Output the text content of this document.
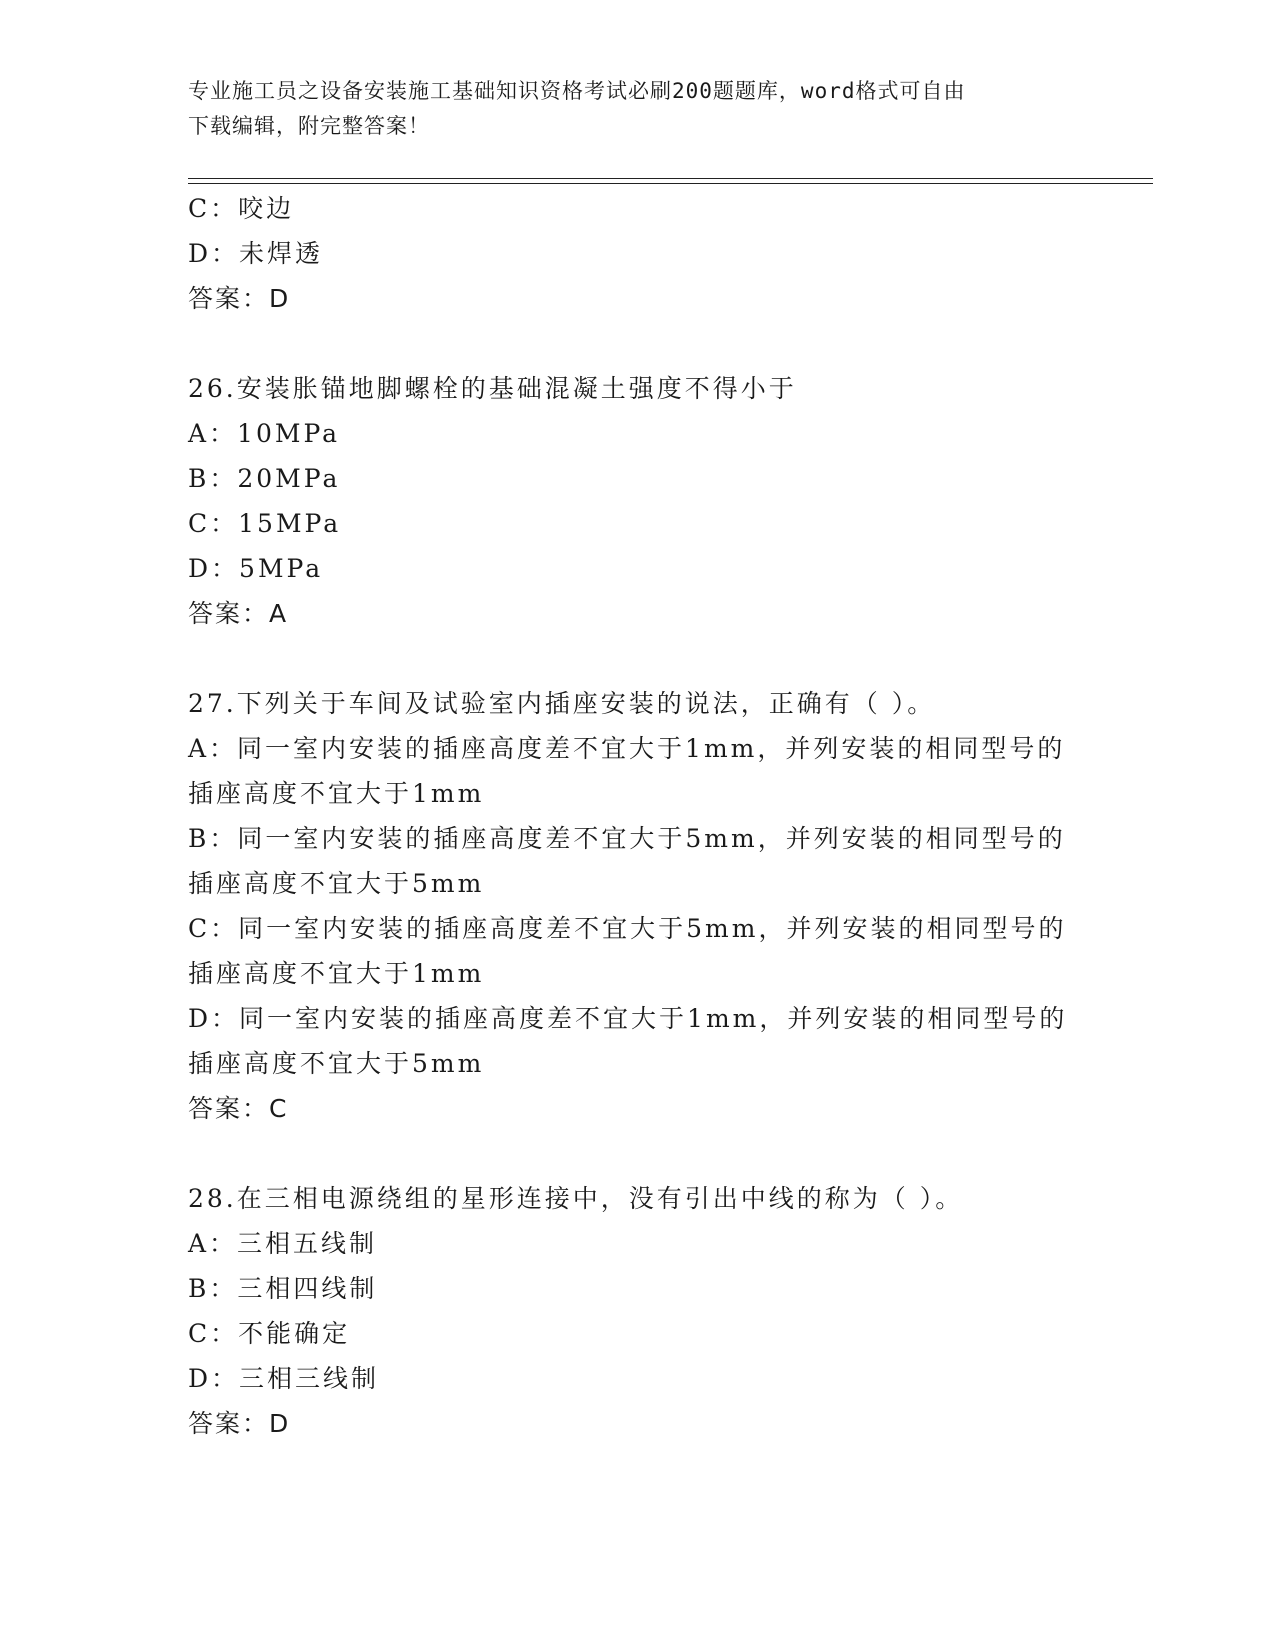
专业施工员之设备安装施工基础知识资格考试必刷200题题库，word格式可自由
下载编辑，附完整答案！
C：咬边
D：未焊透
答案：D
26.安装胀锚地脚螺栓的基础混凝土强度不得小于
A：10MPa
B：20MPa
C：15MPa
D：5MPa
答案：A
27.下列关于车间及试验室内插座安装的说法，正确有（ ）。
A：同一室内安装的插座高度差不宜大于1mm，并列安装的相同型号的
插座高度不宜大于1mm
B：同一室内安装的插座高度差不宜大于5mm，并列安装的相同型号的
插座高度不宜大于5mm
C：同一室内安装的插座高度差不宜大于5mm，并列安装的相同型号的
插座高度不宜大于1mm
D：同一室内安装的插座高度差不宜大于1mm，并列安装的相同型号的
插座高度不宜大于5mm
答案：C
28.在三相电源绕组的星形连接中，没有引出中线的称为（ ）。
A：三相五线制
B：三相四线制
C：不能确定
D：三相三线制
答案：D
